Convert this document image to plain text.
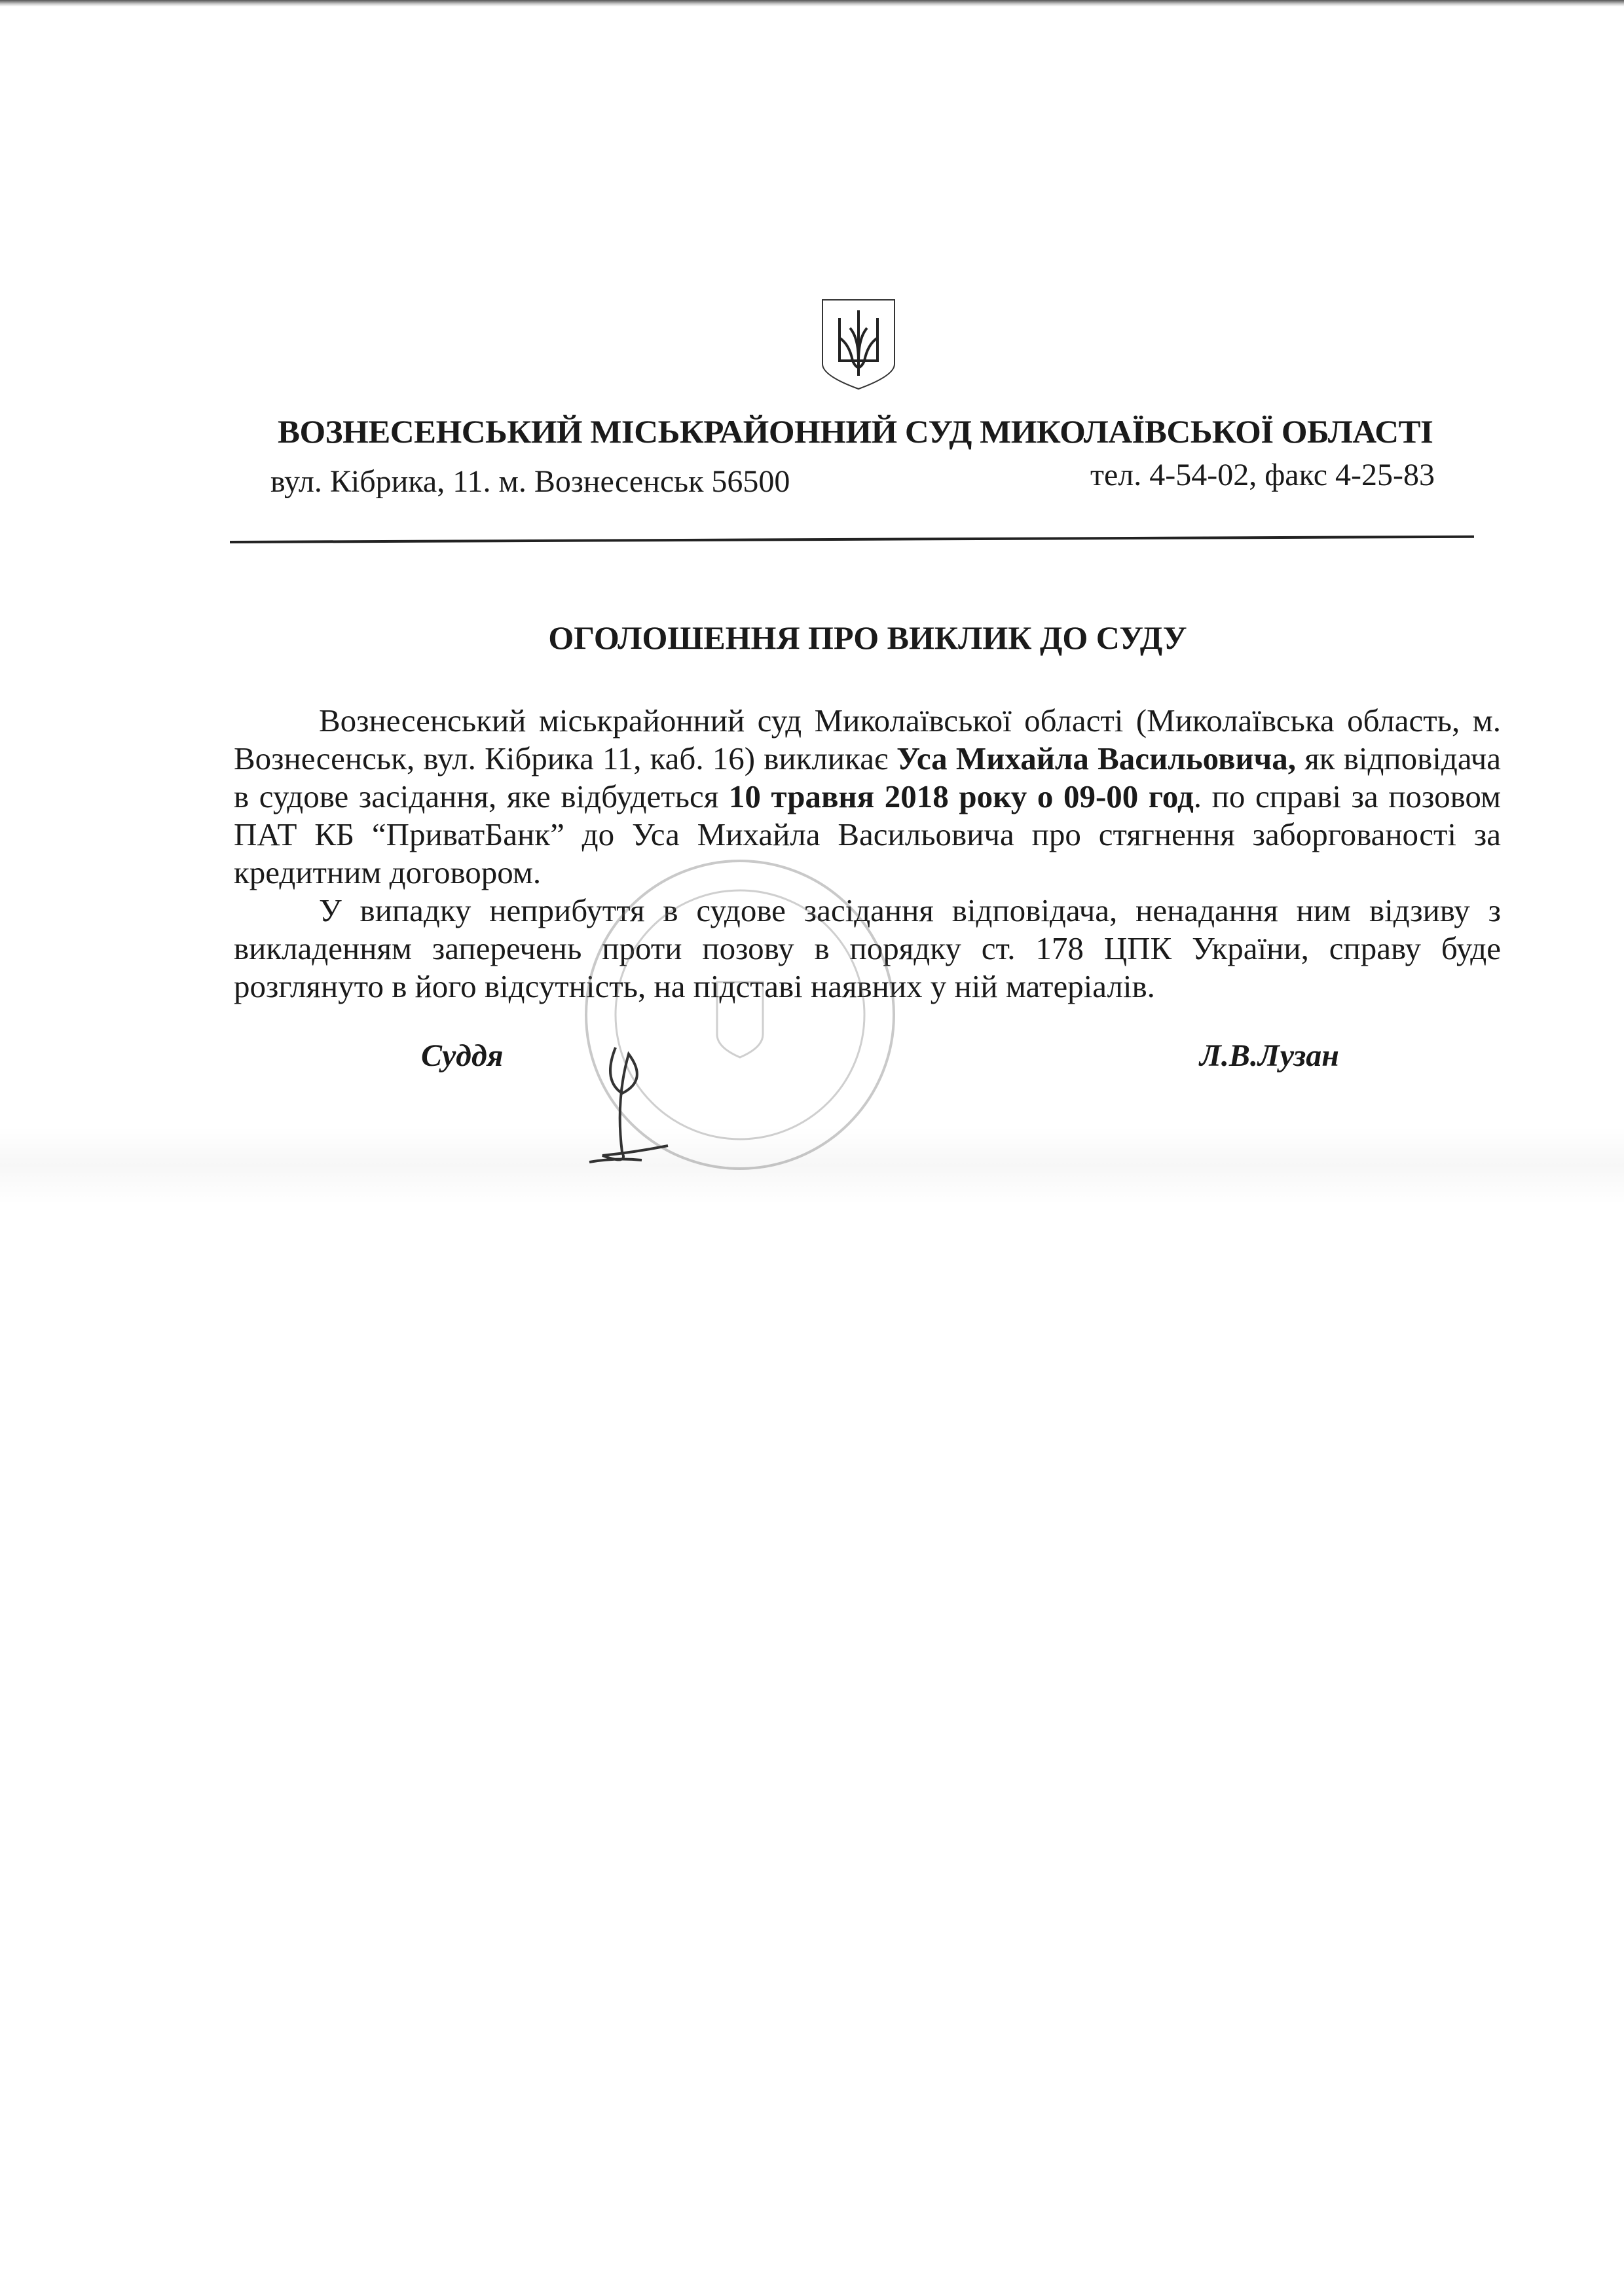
ВОЗНЕСЕНСЬКИЙ МІСЬКРАЙОННИЙ СУД МИКОЛАЇВСЬКОЇ ОБЛАСТІ
вул. Кібрика, 11. м. Вознесенськ 56500	тел. 4-54-02, факс 4-25-83
ОГОЛОШЕННЯ ПРО ВИКЛИК ДО СУДУ

Вознесенський міськрайонний суд Миколаївської області (Миколаївська область, м. Вознесенськ, вул. Кібрика 11, каб. 16) викликає Уса Михайла Васильовича, як відповідача в судове засідання, яке відбудеться 10 травня 2018 року о 09-00 год. по справі за позовом ПАТ КБ “ПриватБанк” до Уса Михайла Васильовича про стягнення заборгованості за кредитним договором.

У випадку неприбуття в судове засідання відповідача, ненадання ним відзиву з викладенням заперечень проти позову в порядку ст. 178 ЦПК України, справу буде розглянуто в його відсутність, на підставі наявних у ній матеріалів.

Суддя	Л.В.Лузан
